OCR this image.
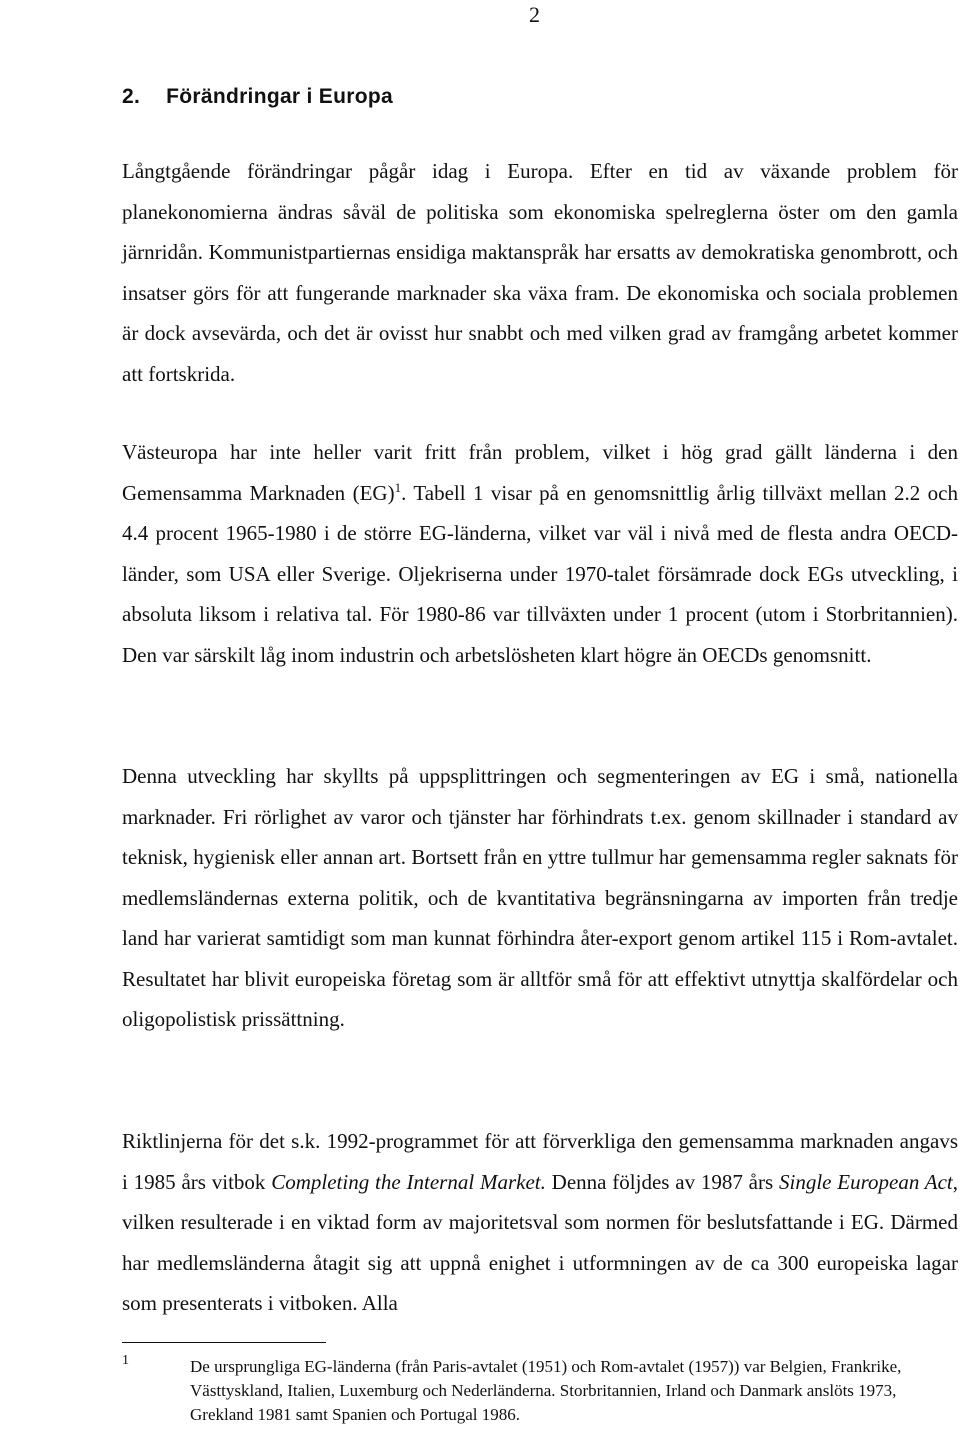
2
2. Förändringar i Europa

Långtgående förändringar pågår idag i Europa. Efter en tid av växande problem för planekonomierna ändras såväl de politiska som ekonomiska spelreglerna öster om den gamla järnridån. Kommunistpartiernas ensidiga maktanspråk har ersatts av demokratiska genombrott, och insatser görs för att fungerande marknader ska växa fram. De ekonomiska och sociala problemen är dock avsevärda, och det är ovisst hur snabbt och med vilken grad av framgång arbetet kommer att fortskrida.

Västeuropa har inte heller varit fritt från problem, vilket i hög grad gällt länderna i den Gemensamma Marknaden (EG)$^1$. Tabell 1 visar på en genomsnittlig årlig tillväxt mellan 2.2 och 4.4 procent 1965-1980 i de större EG-länderna, vilket var väl i nivå med de flesta andra OECD-länder, som USA eller Sverige. Oljekriserna under 1970-talet försämrade dock EGs utveckling, i absoluta liksom i relativa tal. För 1980-86 var tillväxten under 1 procent (utom i Storbritannien). Den var särskilt låg inom industrin och arbetslösheten klart högre än OECDs genomsnitt.

Denna utveckling har skyllts på uppsplittringen och segmenteringen av EG i små, nationella marknader. Fri rörlighet av varor och tjänster har förhindrats t.ex. genom skillnader i standard av teknisk, hygienisk eller annan art. Bortsett från en yttre tullmur har gemensamma regler saknats för medlemsländernas externa politik, och de kvantitativa begränsningarna av importen från tredje land har varierat samtidigt som man kunnat förhindra åter-export genom artikel 115 i Rom-avtalet. Resultatet har blivit europeiska företag som är alltför små för att effektivt utnyttja skalfördelar och oligopolistisk prissättning.

Riktlinjerna för det s.k. 1992-programmet för att förverkliga den gemensamma marknaden angavs i 1985 års vitbok Completing the Internal Market. Denna följdes av 1987 års Single European Act, vilken resulterade i en viktad form av majoritetsval som normen för beslutsfattande i EG. Därmed har medlemsländerna åtagit sig att uppnå enighet i utformningen av de ca 300 europeiska lagar som presenterats i vitboken. Alla

1	De ursprungliga EG-länderna (från Paris-avtalet (1951) och Rom-avtalet (1957)) var Belgien, Frankrike, Västtyskland, Italien, Luxemburg och Nederländerna. Storbritannien, Irland och Danmark anslöts 1973, Grekland 1981 samt Spanien och Portugal 1986.
